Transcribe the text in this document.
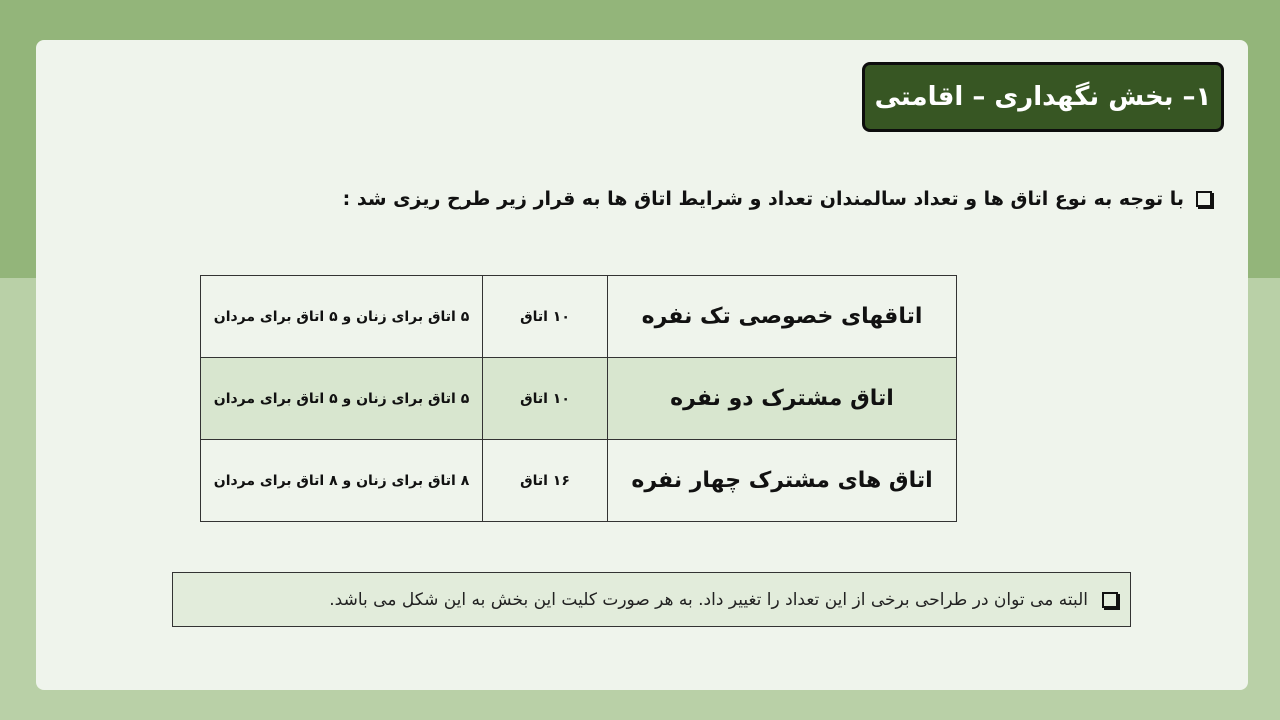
۱– بخش نگهداری – اقامتی
با توجه به نوع اتاق ها و تعداد سالمندان تعداد و شرایط اتاق ها به قرار زیر طرح ریزی شد :
اتاقهای خصوصی تک نفره	۱۰ اتاق	۵ اتاق برای زنان و ۵ اتاق برای مردان
اتاق مشترک دو نفره	۱۰ اتاق	۵ اتاق برای زنان و ۵ اتاق برای مردان
اتاق های مشترک چهار نفره	۱۶ اتاق	۸ اتاق برای زنان و ۸ اتاق برای مردان
البته می توان در طراحی برخی از این تعداد را تغییر داد. به هر صورت کلیت این بخش به این شکل می باشد.
